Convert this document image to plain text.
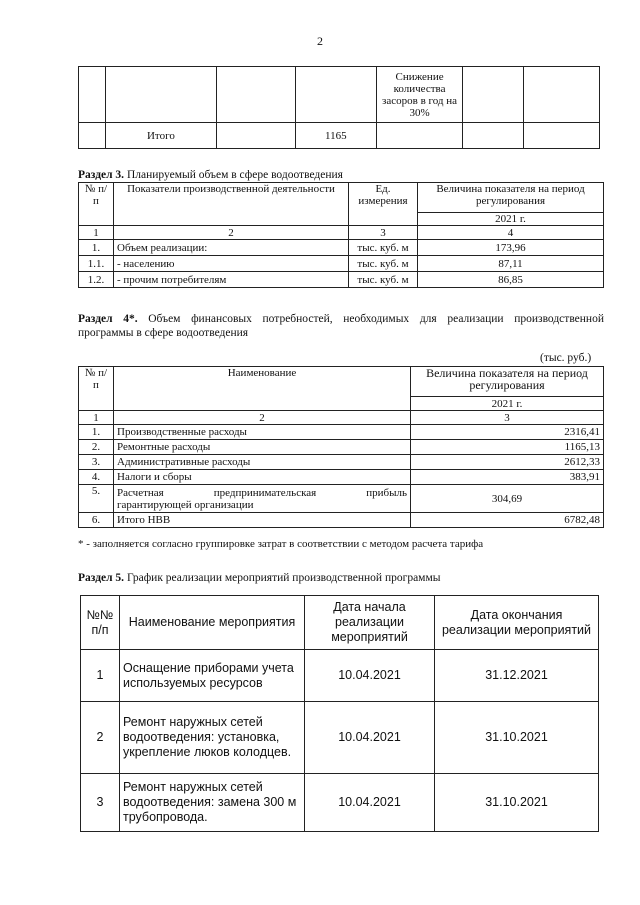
2
				Снижение количества засоров в год на 30%		
	Итого		1165			
Раздел 3. Планируемый объем в сфере водоотведения
№ п/п	Показатели производственной деятельности	Ед. измерения	Величина показателя на период регулирования
			2021 г.
1	2	3	4
1.	Объем реализации:	тыс. куб. м	173,96
1.1.	- населению	тыс. куб. м	87,11
1.2.	- прочим потребителям	тыс. куб. м	86,85
Раздел 4*. Объем финансовых потребностей, необходимых для реализации производственной
программы в сфере водоотведения
(тыс. руб.)
№ п/п	Наименование	Величина показателя на период регулирования
		2021 г.
1	2	3
1.	Производственные расходы	2316,41
2.	Ремонтные расходы	1165,13
3.	Административные расходы	2612,33
4.	Налоги и сборы	383,91
5.	Расчетная предпринимательская прибыль
гарантирующей организации	304,69
6.	Итого НВВ	6782,48
* - заполняется согласно группировке затрат в соответствии с методом расчета тарифа
Раздел 5. График реализации мероприятий производственной программы
№№ п/п	Наименование мероприятия	Дата начала реализации мероприятий	Дата окончания реализации мероприятий
1	Оснащение приборами учета используемых ресурсов	10.04.2021	31.12.2021
2	Ремонт наружных сетей водоотведения: установка, укрепление люков колодцев.	10.04.2021	31.10.2021
3	Ремонт наружных сетей водоотведения: замена 300 м трубопровода.	10.04.2021	31.10.2021
